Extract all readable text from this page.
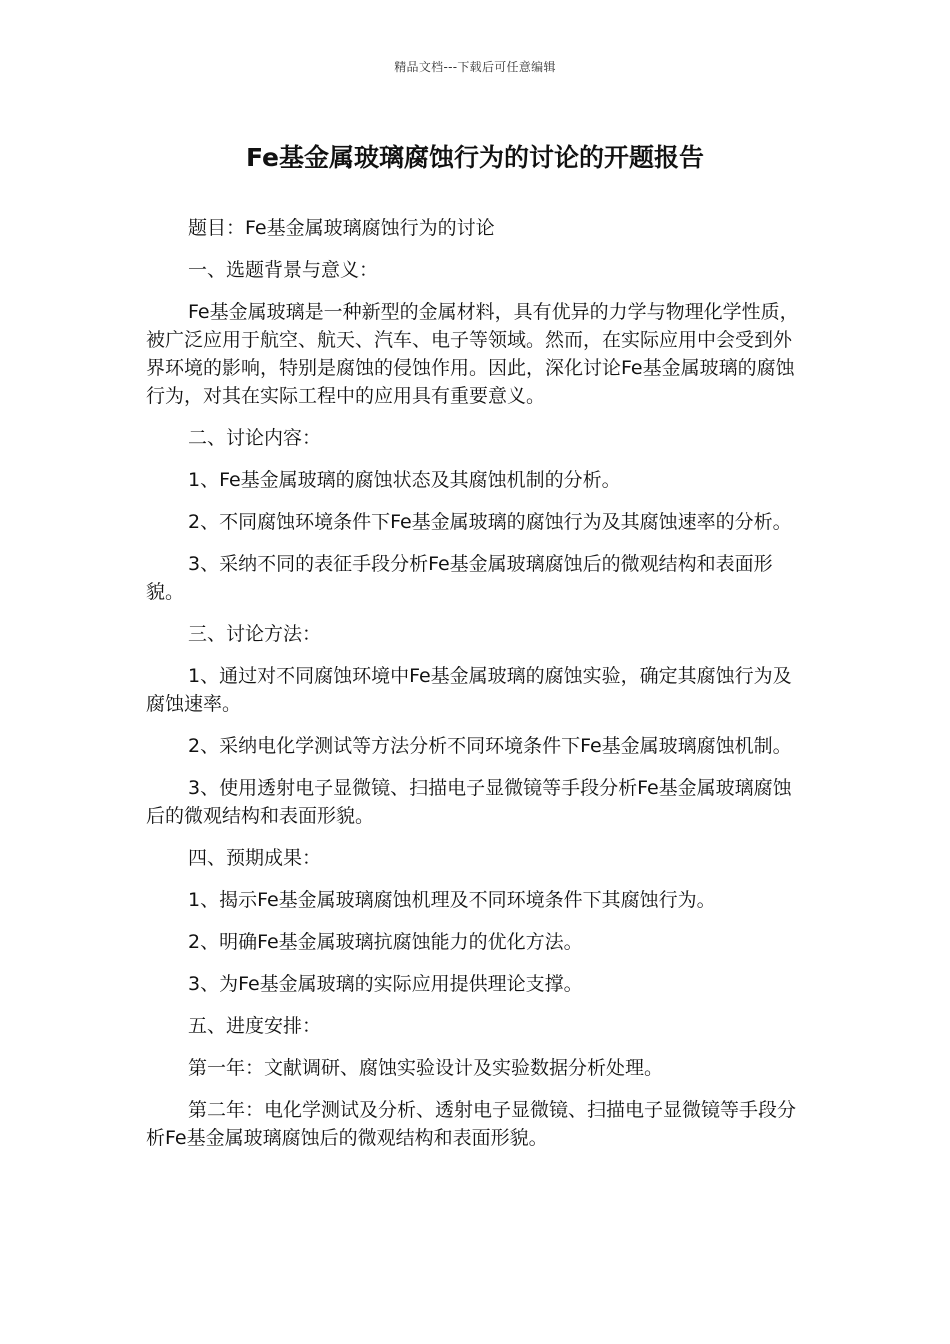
精品文档---下载后可任意编辑
Fe基金属玻璃腐蚀行为的讨论的开题报告

题目：Fe基金属玻璃腐蚀行为的讨论

一、选题背景与意义：

Fe基金属玻璃是一种新型的金属材料，具有优异的力学与物理化学性质，被广泛应用于航空、航天、汽车、电子等领域。然而，在实际应用中会受到外界环境的影响，特别是腐蚀的侵蚀作用。因此，深化讨论Fe基金属玻璃的腐蚀行为，对其在实际工程中的应用具有重要意义。

二、讨论内容：

1、Fe基金属玻璃的腐蚀状态及其腐蚀机制的分析。

2、不同腐蚀环境条件下Fe基金属玻璃的腐蚀行为及其腐蚀速率的分析。

3、采纳不同的表征手段分析Fe基金属玻璃腐蚀后的微观结构和表面形貌。

三、讨论方法：

1、通过对不同腐蚀环境中Fe基金属玻璃的腐蚀实验，确定其腐蚀行为及腐蚀速率。

2、采纳电化学测试等方法分析不同环境条件下Fe基金属玻璃腐蚀机制。

3、使用透射电子显微镜、扫描电子显微镜等手段分析Fe基金属玻璃腐蚀后的微观结构和表面形貌。

四、预期成果：

1、揭示Fe基金属玻璃腐蚀机理及不同环境条件下其腐蚀行为。

2、明确Fe基金属玻璃抗腐蚀能力的优化方法。

3、为Fe基金属玻璃的实际应用提供理论支撑。

五、进度安排：

第一年：文献调研、腐蚀实验设计及实验数据分析处理。

第二年：电化学测试及分析、透射电子显微镜、扫描电子显微镜等手段分析Fe基金属玻璃腐蚀后的微观结构和表面形貌。
